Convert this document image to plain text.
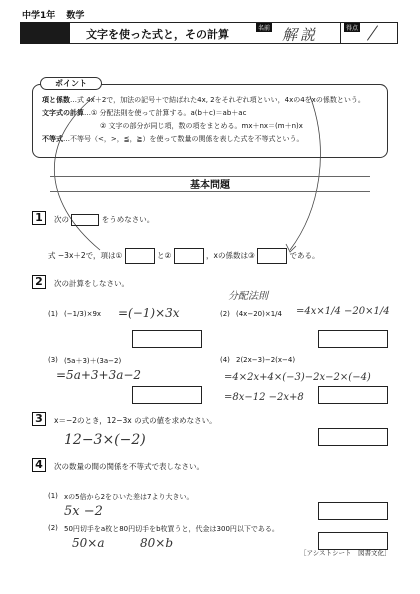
中学1年 数学
文字を使った式と，その計算	名前 解説	得点
ポイント
項と係数…式 4x＋2で，加法の記号＋で結ばれた4x, 2をそれぞれ項といい，4xの4をxの係数という。
文字式の計算…① 分配法則を使って計算する。a(b＋c)＝ab＋ac
② 文字の部分が同じ項，数の項をまとめる。mx＋nx＝(m＋n)x
不等式…不等号（<，>，≦，≧）を使って数量の関係を表した式を不等式という。
基本問題
1	次の	をうめなさい。
式 −3x＋2で，項は①	と②	，xの係数は③	である。
2	次の計算をしなさい。
(1) (−1/3)×9x =(−1)×3x	(2) (4x−20)×1/4
分配法則
=4x×1/4 −20×1/4
(3) (5a＋3)＋(3a−2)
=5a+3+3a−2
(4) 2(2x−3)−2(x−4)
=4×2x+4×(−3)−2x−2×(−4)
=8x−12 −2x+8
3	x＝−2のとき，12−3x の式の値を求めなさい。
12−3×(−2)
4	次の数量の間の関係を不等式で表しなさい。
(1) xの5倍から2をひいた差は7より大きい。
5x −2
(2) 50円切手をa枚と80円切手をb枚買うと，代金は300円以下である。
50×a	80×b
［アシストシート　図書文化］
